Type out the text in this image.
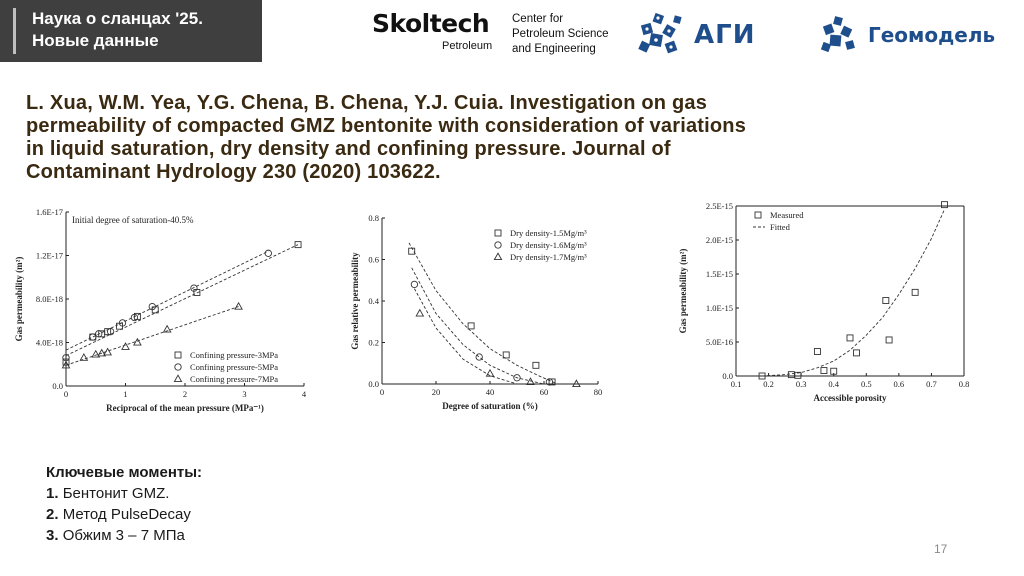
Наука о сланцах '25.
Новые данные
Skoltech
Petroleum
Center for
Petroleum Science
and Engineering	АГИ	Геомодель
L. Xua, W.M. Yea, Y.G. Chena, B. Chena, Y.J. Cuia. Investigation on gas
permeability of compacted GMZ bentonite with consideration of variations
in liquid saturation, dry density and confining pressure. Journal of
Contaminant Hydrology 230 (2020) 103622.
0	1	2	3	4
0.0
4.0E-18
8.0E-18
1.2E-17
1.6E-17
Reciprocal of the mean pressure (MPa⁻¹)
Gas permeability (m²)
Initial degree of saturation-40.5%
Confining pressure-3MPa
Confining pressure-5MPa
Confining pressure-7MPa
0	20	40	60	80
0.0
0.2
0.4
0.6
0.8
Degree of saturation (%)
Gas relative permeability
Dry density-1.5Mg/m³
Dry density-1.6Mg/m³
Dry density-1.7Mg/m³
0.1	0.2	0.3	0.4	0.5	0.6	0.7	0.8
0.0
5.0E-16
1.0E-15
1.5E-15
2.0E-15
2.5E-15
Accessible porosity
Gas permeability (m²)
Measured
Fitted
Ключевые моменты:
1. Бентонит GMZ.
2. Метод PulseDecay
3. Обжим 3 – 7 МПа
17
